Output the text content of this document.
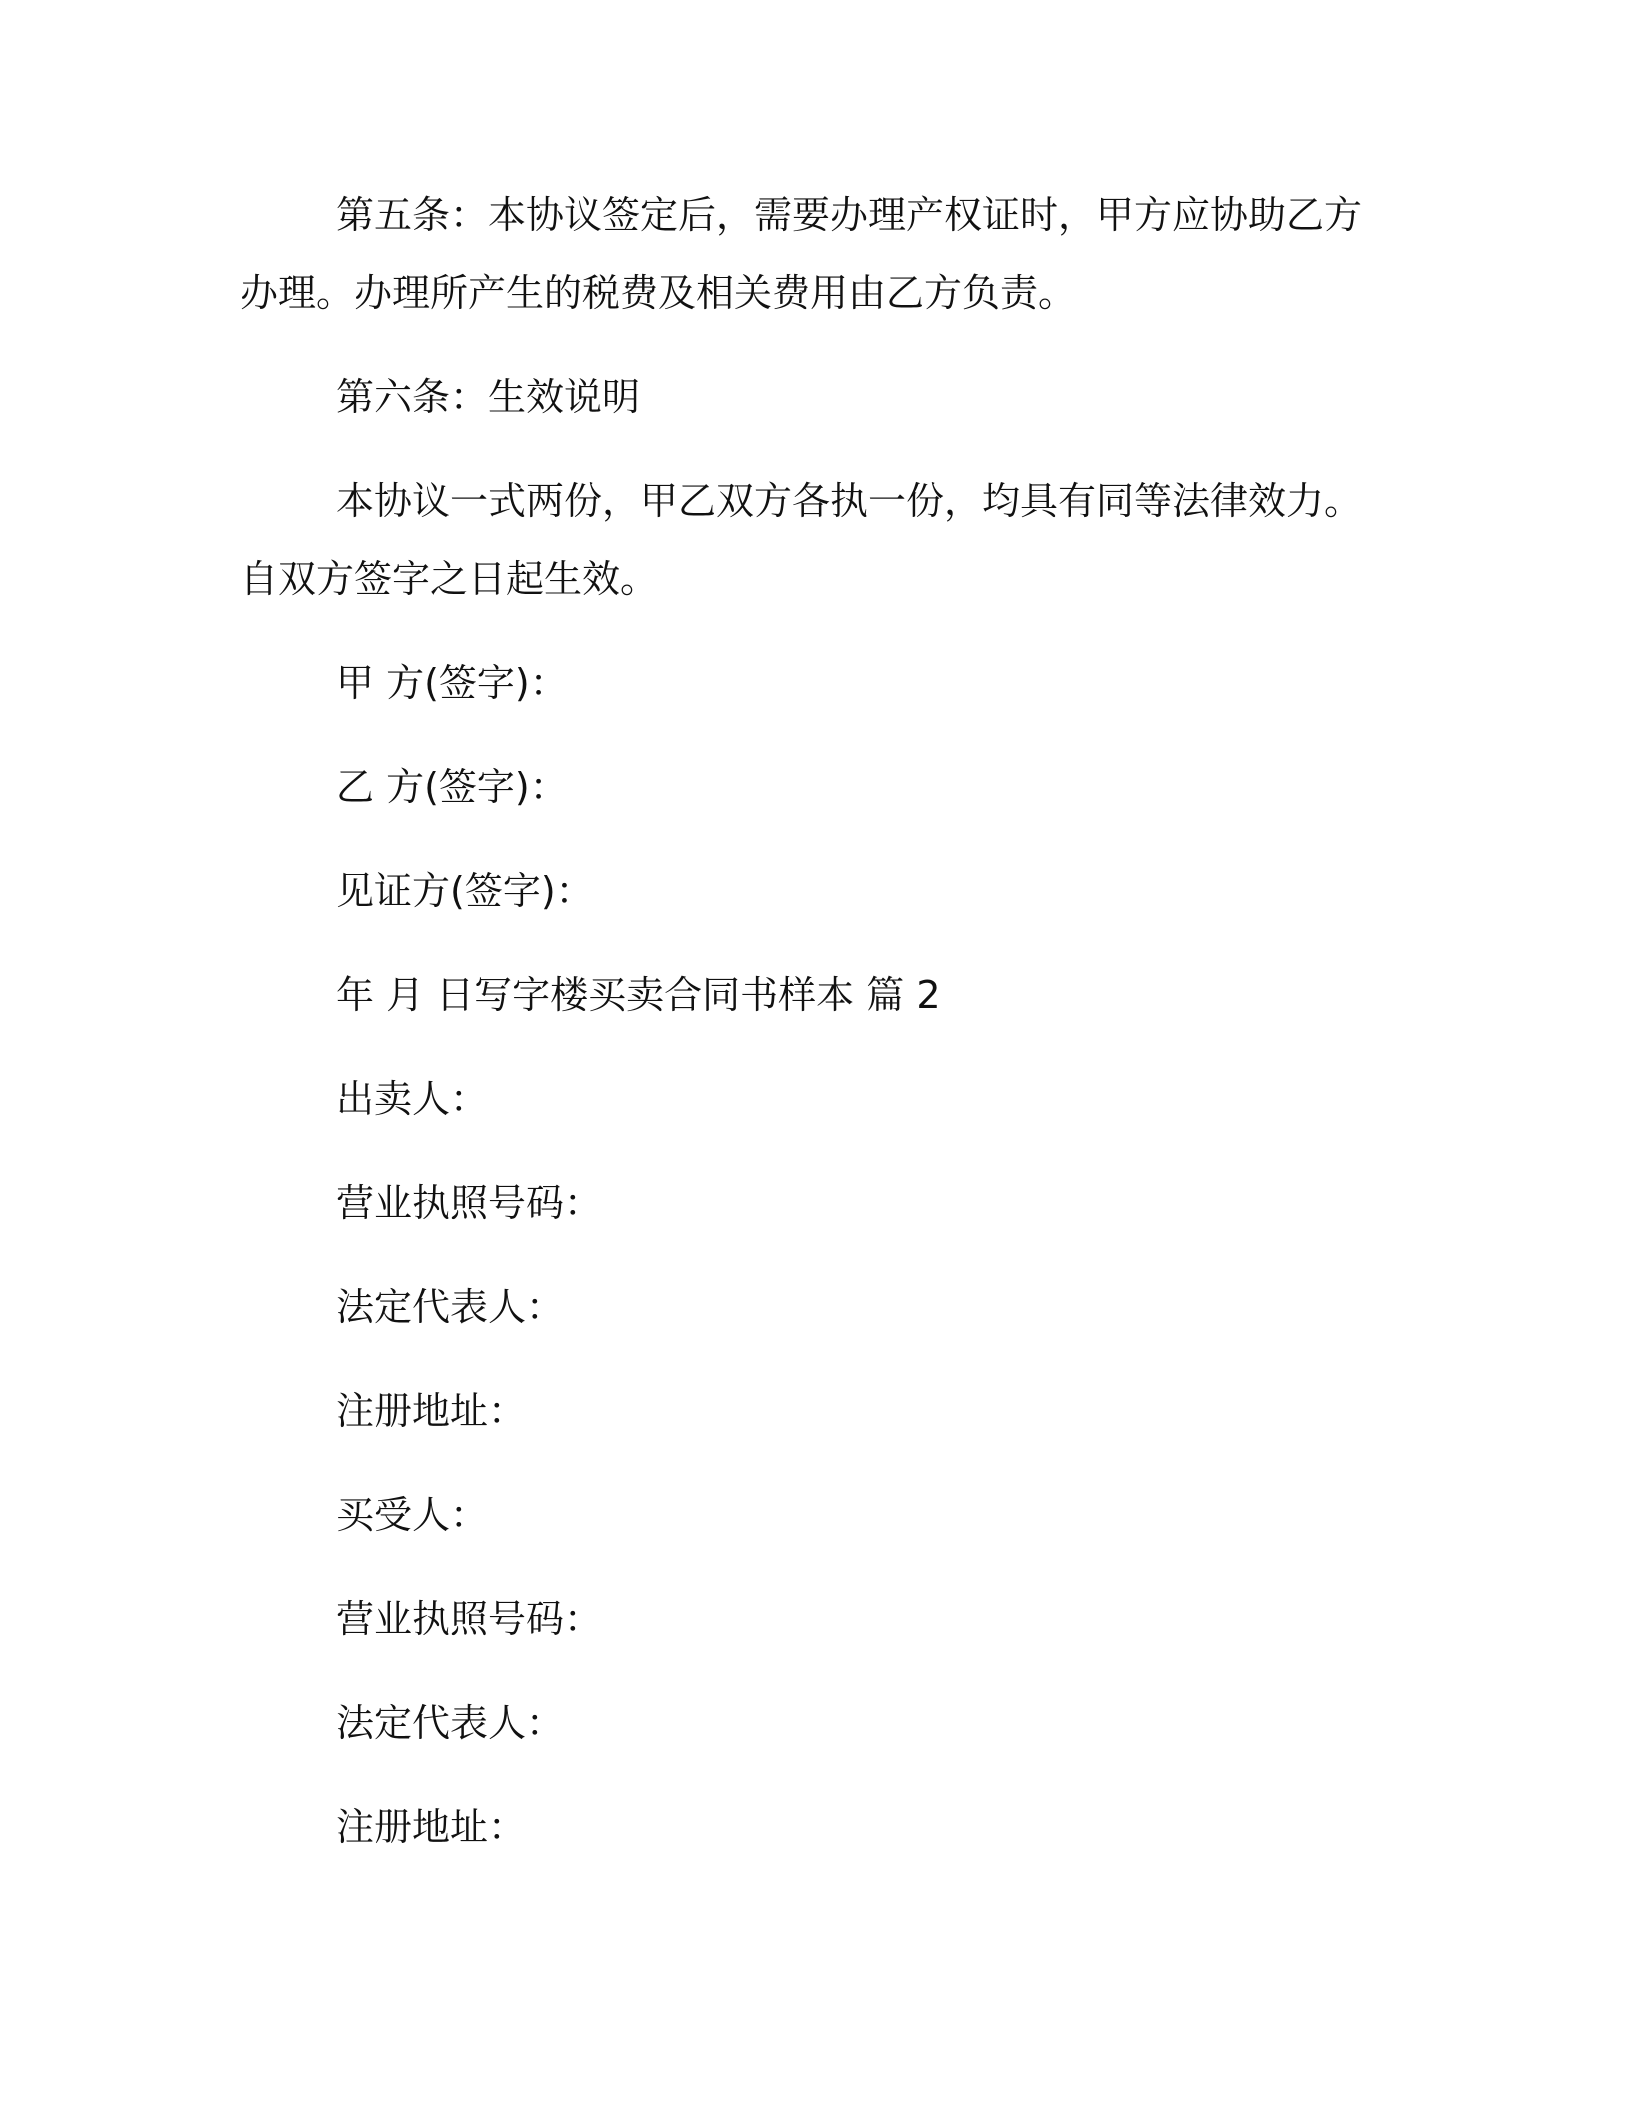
第五条：本协议签定后，需要办理产权证时，甲方应协助乙方办理。办理所产生的税费及相关费用由乙方负责。

第六条：生效说明

本协议一式两份，甲乙双方各执一份，均具有同等法律效力。自双方签字之日起生效。

甲 方(签字)：

乙 方(签字)：

见证方(签字)：

年 月 日写字楼买卖合同书样本 篇 2

出卖人：

营业执照号码：

法定代表人：

注册地址：

买受人：

营业执照号码：

法定代表人：

注册地址：
